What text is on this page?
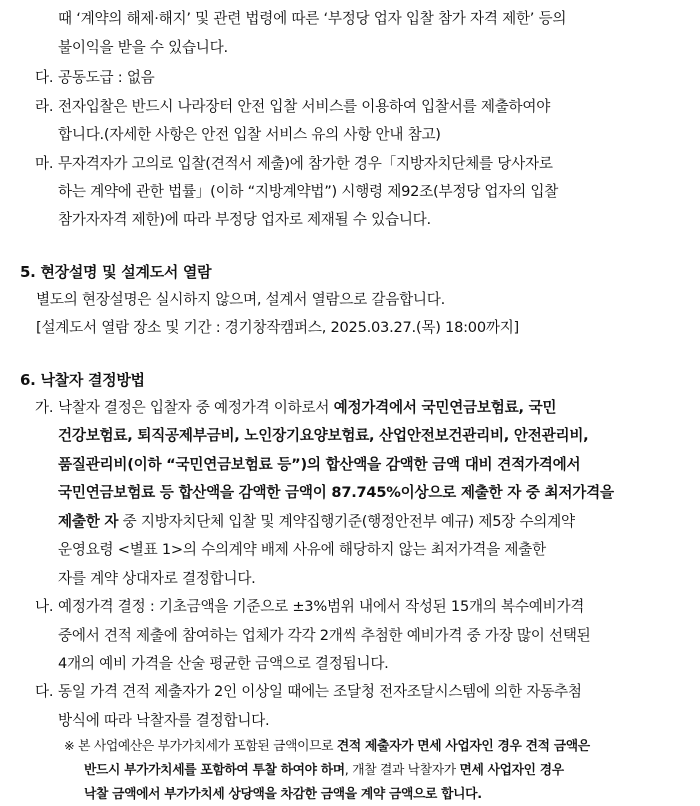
때 ‘계약의 해제·해지’ 및 관련 법령에 따른 ‘부정당 업자 입찰 참가 자격 제한’ 등의
불이익을 받을 수 있습니다.
다. 공동도급 : 없음
라. 전자입찰은 반드시 나라장터 안전 입찰 서비스를 이용하여 입찰서를 제출하여야
합니다.(자세한 사항은 안전 입찰 서비스 유의 사항 안내 참고)
마. 무자격자가 고의로 입찰(견적서 제출)에 참가한 경우「지방자치단체를 당사자로
하는 계약에 관한 법률」(이하 “지방계약법”) 시행령 제92조(부정당 업자의 입찰
참가자자격 제한)에 따라 부정당 업자로 제재될 수 있습니다.
5. 현장설명 및 설계도서 열람
별도의 현장설명은 실시하지 않으며, 설계서 열람으로 갈음합니다.
[설계도서 열람 장소 및 기간 : 경기창작캠퍼스, 2025.03.27.(목) 18:00까지]
6. 낙찰자 결정방법
가. 낙찰자 결정은 입찰자 중 예정가격 이하로서 예정가격에서 국민연금보험료, 국민
건강보험료, 퇴직공제부금비, 노인장기요양보험료, 산업안전보건관리비, 안전관리비,
품질관리비(이하 “국민연금보험료 등”)의 합산액을 감액한 금액 대비 견적가격에서
국민연금보험료 등 합산액을 감액한 금액이 87.745%이상으로 제출한 자 중 최저가격을
제출한 자 중 지방자치단체 입찰 및 계약집행기준(행정안전부 예규) 제5장 수의계약
운영요령 <별표 1>의 수의계약 배제 사유에 해당하지 않는 최저가격을 제출한
자를 계약 상대자로 결정합니다.
나. 예정가격 결정 : 기초금액을 기준으로 ±3%범위 내에서 작성된 15개의 복수예비가격
중에서 견적 제출에 참여하는 업체가 각각 2개씩 추첨한 예비가격 중 가장 많이 선택된
4개의 예비 가격을 산술 평균한 금액으로 결정됩니다.
다. 동일 가격 견적 제출자가 2인 이상일 때에는 조달청 전자조달시스템에 의한 자동추첨
방식에 따라 낙찰자를 결정합니다.
※ 본 사업예산은 부가가치세가 포함된 금액이므로 견적 제출자가 면세 사업자인 경우 견적 금액은
반드시 부가가치세를 포함하여 투찰 하여야 하며, 개찰 결과 낙찰자가 면세 사업자인 경우
낙찰 금액에서 부가가치세 상당액을 차감한 금액을 계약 금액으로 합니다.
